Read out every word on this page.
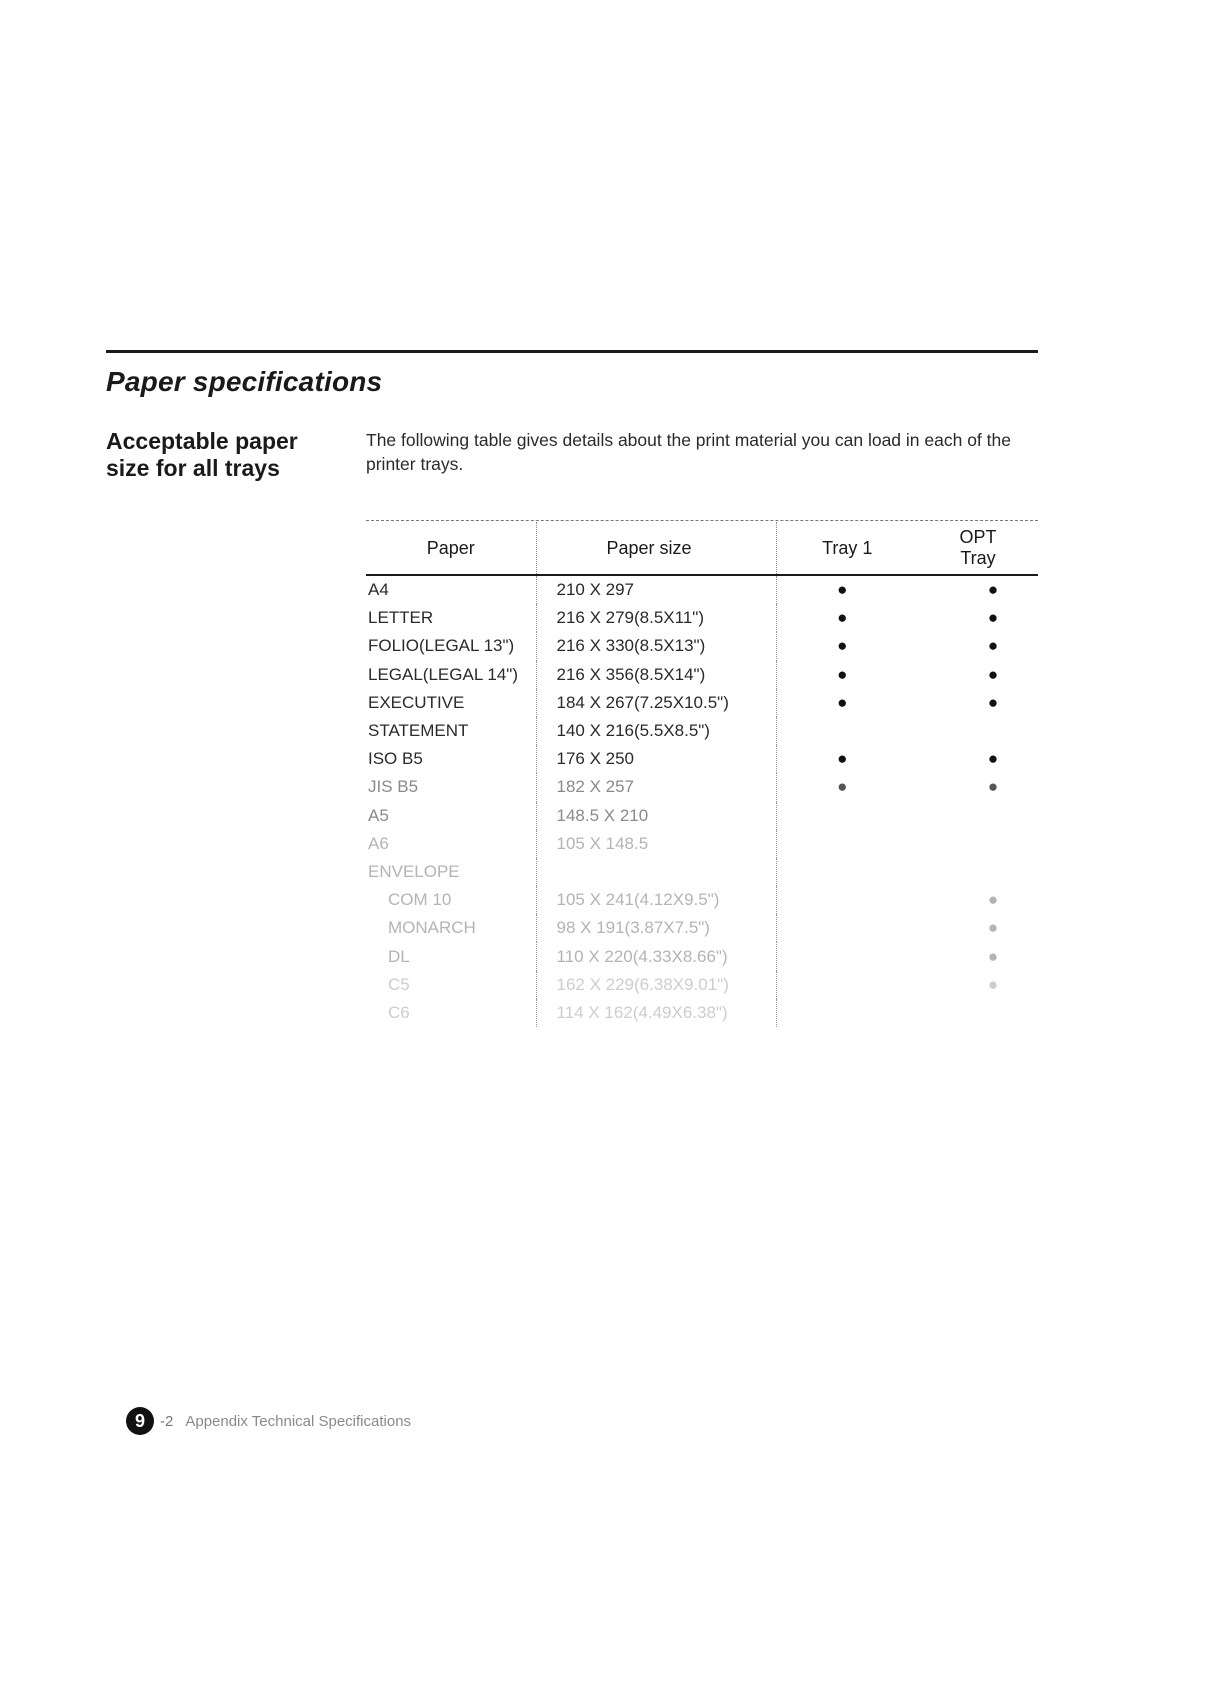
Paper specifications
Acceptable paper size for all trays

The following table gives details about the print material you can load in each of the printer trays.

Paper	Paper size	Tray 1	OPT
Tray
A4	210 X 297	●	●
LETTER	216 X 279(8.5X11")	●	●
FOLIO(LEGAL 13")	216 X 330(8.5X13")	●	●
LEGAL(LEGAL 14")	216 X 356(8.5X14")	●	●
EXECUTIVE	184 X 267(7.25X10.5")	●	●
STATEMENT	140 X 216(5.5X8.5")		
ISO B5	176 X 250	●	●
JIS B5	182 X 257	●	●
A5	148.5 X 210		
A6	105 X 148.5		
ENVELOPE			
COM 10	105 X 241(4.12X9.5")		●
MONARCH	98 X 191(3.87X7.5")		●
DL	110 X 220(4.33X8.66")		●
C5	162 X 229(6.38X9.01")		●
C6	114 X 162(4.49X6.38")		
9	-2 Appendix Technical Specifications
